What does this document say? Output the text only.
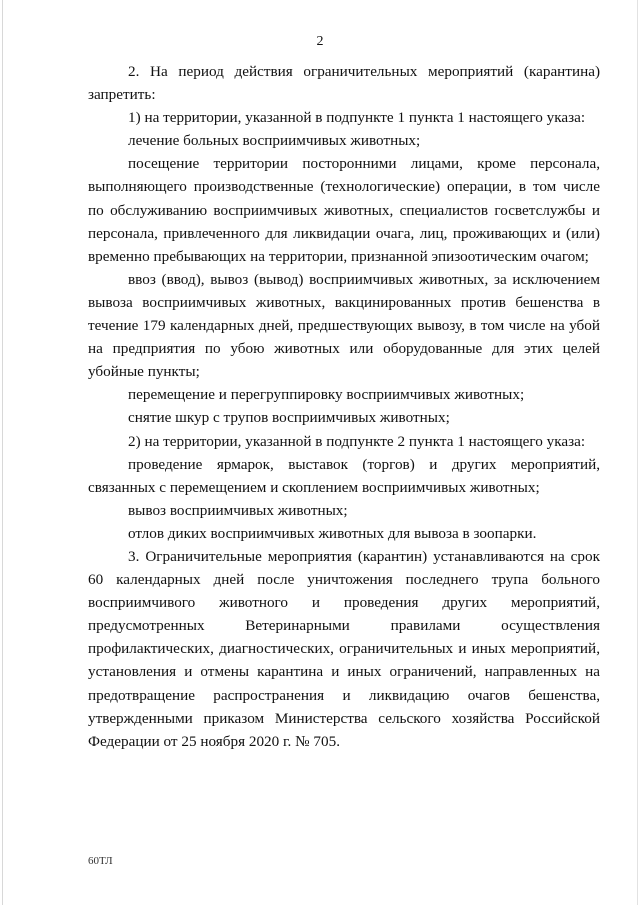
2

2. На период действия ограничительных мероприятий (карантина) запретить:

1) на территории, указанной в подпункте 1 пункта 1 настоящего указа:

лечение больных восприимчивых животных;

посещение территории посторонними лицами, кроме персонала, выполняющего производственные (технологические) операции, в том числе по обслуживанию восприимчивых животных, специалистов госветслужбы и персонала, привлеченного для ликвидации очага, лиц, проживающих и (или) временно пребывающих на территории, признанной эпизоотическим очагом;

ввоз (ввод), вывоз (вывод) восприимчивых животных, за исключением вывоза восприимчивых животных, вакцинированных против бешенства в течение 179 календарных дней, предшествующих вывозу, в том числе на убой на предприятия по убою животных или оборудованные для этих целей убойные пункты;

перемещение и перегруппировку восприимчивых животных;

снятие шкур с трупов восприимчивых животных;

2) на территории, указанной в подпункте 2 пункта 1 настоящего указа:

проведение ярмарок, выставок (торгов) и других мероприятий, связанных с перемещением и скоплением восприимчивых животных;

вывоз восприимчивых животных;

отлов диких восприимчивых животных для вывоза в зоопарки.

3. Ограничительные мероприятия (карантин) устанавливаются на срок 60 календарных дней после уничтожения последнего трупа больного восприимчивого животного и проведения других мероприятий, предусмотренных Ветеринарными правилами осуществления профилактических, диагностических, ограничительных и иных мероприятий, установления и отмены карантина и иных ограничений, направленных на предотвращение распространения и ликвидацию очагов бешенства, утвержденными приказом Министерства сельского хозяйства Российской Федерации от 25 ноября 2020 г. № 705.

60ТЛ
